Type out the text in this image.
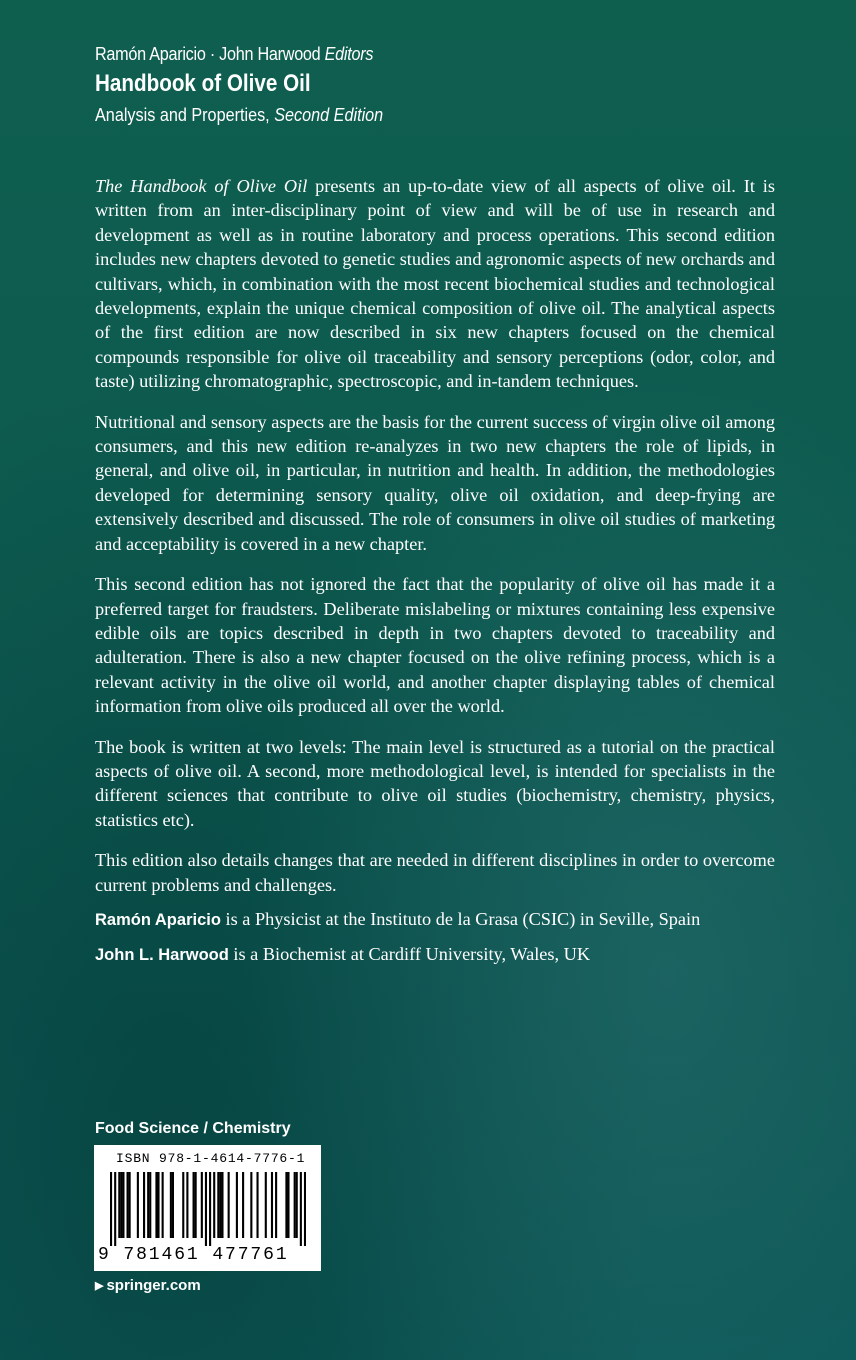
Ramón Aparicio · John Harwood Editors
Handbook of Olive Oil
Analysis and Properties, Second Edition

The Handbook of Olive Oil presents an up-to-date view of all aspects of olive oil. It is written from an inter-disciplinary point of view and will be of use in research and development as well as in routine laboratory and process operations. This second edition includes new chapters devoted to genetic studies and agronomic aspects of new orchards and cultivars, which, in combination with the most recent biochemical studies and technological developments, explain the unique chemical composition of olive oil. The analytical aspects of the first edition are now described in six new chapters focused on the chemical compounds responsible for olive oil traceability and sensory perceptions (odor, color, and taste) utilizing chromatographic, spectroscopic, and in-tandem techniques.

Nutritional and sensory aspects are the basis for the current success of virgin olive oil among consumers, and this new edition re-analyzes in two new chapters the role of lipids, in general, and olive oil, in particular, in nutrition and health. In addition, the methodologies developed for determining sensory quality, olive oil oxidation, and deep-frying are extensively described and discussed. The role of consumers in olive oil studies of marketing and acceptability is covered in a new chapter.

This second edition has not ignored the fact that the popularity of olive oil has made it a preferred target for fraudsters. Deliberate mislabeling or mixtures containing less expensive edible oils are topics described in depth in two chapters devoted to traceability and adulteration. There is also a new chapter focused on the olive refining process, which is a relevant activity in the olive oil world, and another chapter displaying tables of chemical information from olive oils produced all over the world.

The book is written at two levels: The main level is structured as a tutorial on the practical aspects of olive oil. A second, more methodological level, is intended for specialists in the different sciences that contribute to olive oil studies (biochemistry, chemistry, physics, statistics etc).

This edition also details changes that are needed in different disciplines in order to overcome current problems and challenges.

Ramón Aparicio is a Physicist at the Instituto de la Grasa (CSIC) in Seville, Spain

John L. Harwood is a Biochemist at Cardiff University, Wales, UK

Food Science / Chemistry
ISBN 978-1-4614-7776-1
9 781461 477761
▶ springer.com
